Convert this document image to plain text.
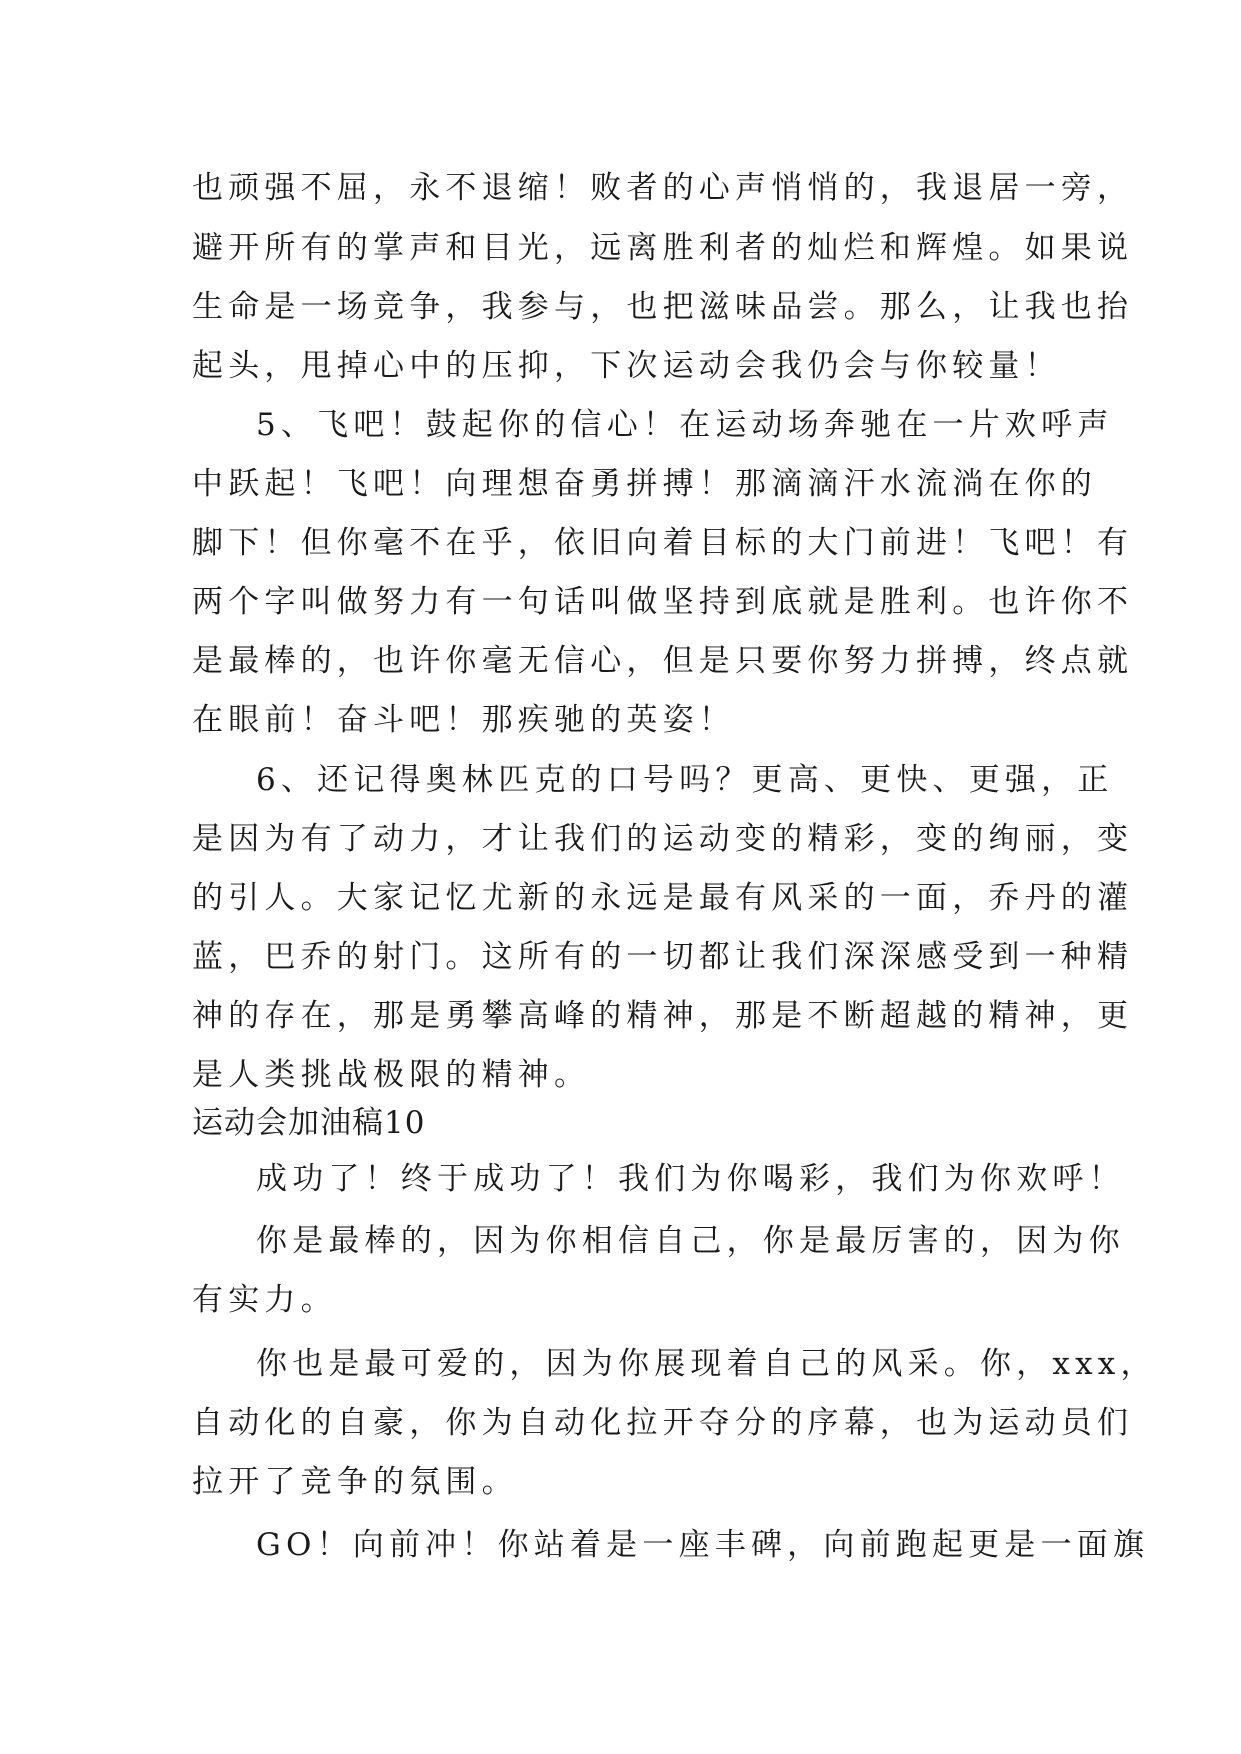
也顽强不屈，永不退缩！败者的心声悄悄的，我退居一旁，
避开所有的掌声和目光，远离胜利者的灿烂和辉煌。如果说
生命是一场竞争，我参与，也把滋味品尝。那么，让我也抬
起头，甩掉心中的压抑，下次运动会我仍会与你较量！
5、飞吧！鼓起你的信心！在运动场奔驰在一片欢呼声
中跃起！飞吧！向理想奋勇拼搏！那滴滴汗水流淌在你的
脚下！但你毫不在乎，依旧向着目标的大门前进！飞吧！有
两个字叫做努力有一句话叫做坚持到底就是胜利。也许你不
是最棒的，也许你毫无信心，但是只要你努力拼搏，终点就
在眼前！奋斗吧！那疾驰的英姿！
6、还记得奥林匹克的口号吗？更高、更快、更强，正
是因为有了动力，才让我们的运动变的精彩，变的绚丽，变
的引人。大家记忆尤新的永远是最有风采的一面，乔丹的灌
蓝，巴乔的射门。这所有的一切都让我们深深感受到一种精
神的存在，那是勇攀高峰的精神，那是不断超越的精神，更
是人类挑战极限的精神。
运动会加油稿10
成功了！终于成功了！我们为你喝彩，我们为你欢呼！
你是最棒的，因为你相信自己，你是最厉害的，因为你
有实力。
你也是最可爱的，因为你展现着自己的风采。你，xxx，
自动化的自豪，你为自动化拉开夺分的序幕，也为运动员们
拉开了竞争的氛围。
GO！向前冲！你站着是一座丰碑，向前跑起更是一面旗
